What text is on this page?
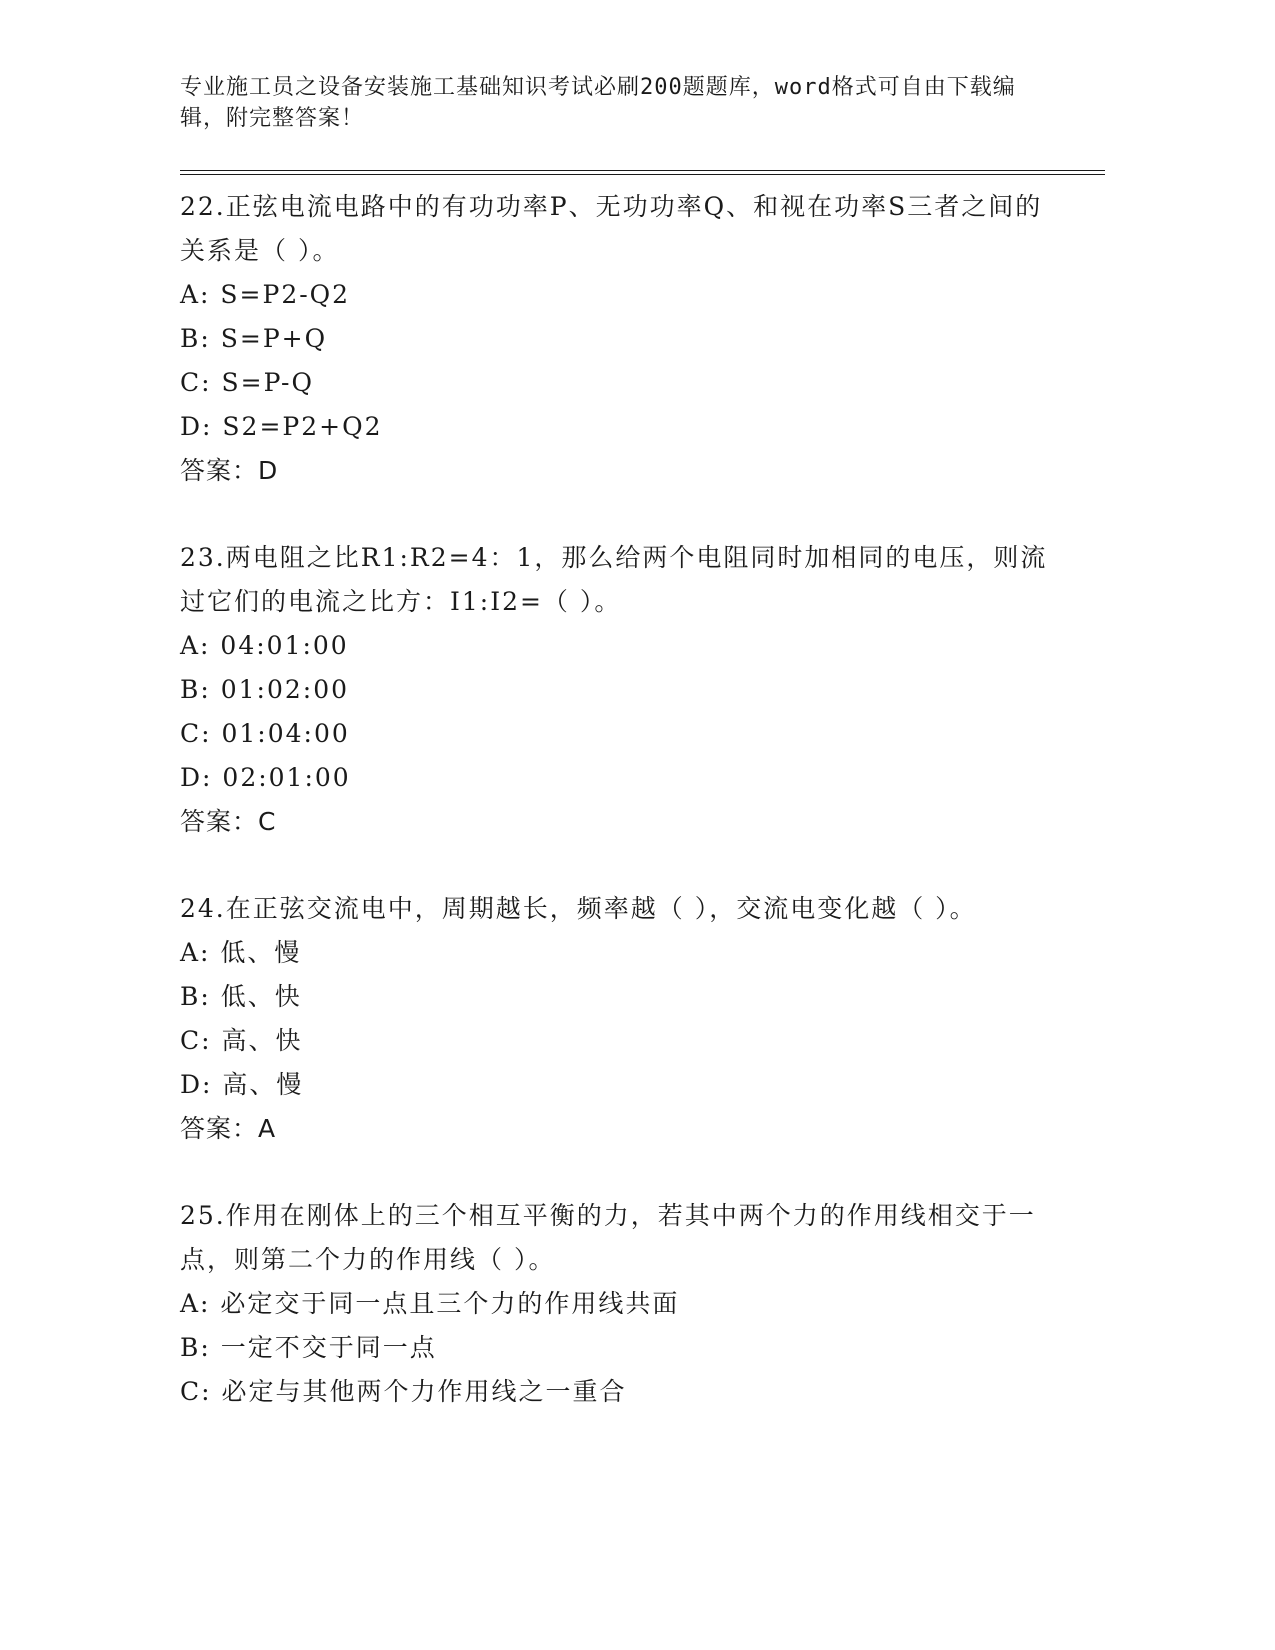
专业施工员之设备安装施工基础知识考试必刷200题题库，word格式可自由下载编辑，附完整答案！
22.正弦电流电路中的有功功率P、无功功率Q、和视在功率S三者之间的关系是（ ）。
A: S=P2-Q2
B: S=P+Q
C: S=P-Q
D: S2=P2+Q2
答案：D
23.两电阻之比R1:R2=4：1，那么给两个电阻同时加相同的电压，则流过它们的电流之比方：I1:I2=（ ）。
A: 04:01:00
B: 01:02:00
C: 01:04:00
D: 02:01:00
答案：C
24.在正弦交流电中，周期越长，频率越（ ），交流电变化越（ ）。
A: 低、慢
B: 低、快
C: 高、快
D: 高、慢
答案：A
25.作用在刚体上的三个相互平衡的力，若其中两个力的作用线相交于一点，则第二个力的作用线（ ）。
A: 必定交于同一点且三个力的作用线共面
B: 一定不交于同一点
C: 必定与其他两个力作用线之一重合
